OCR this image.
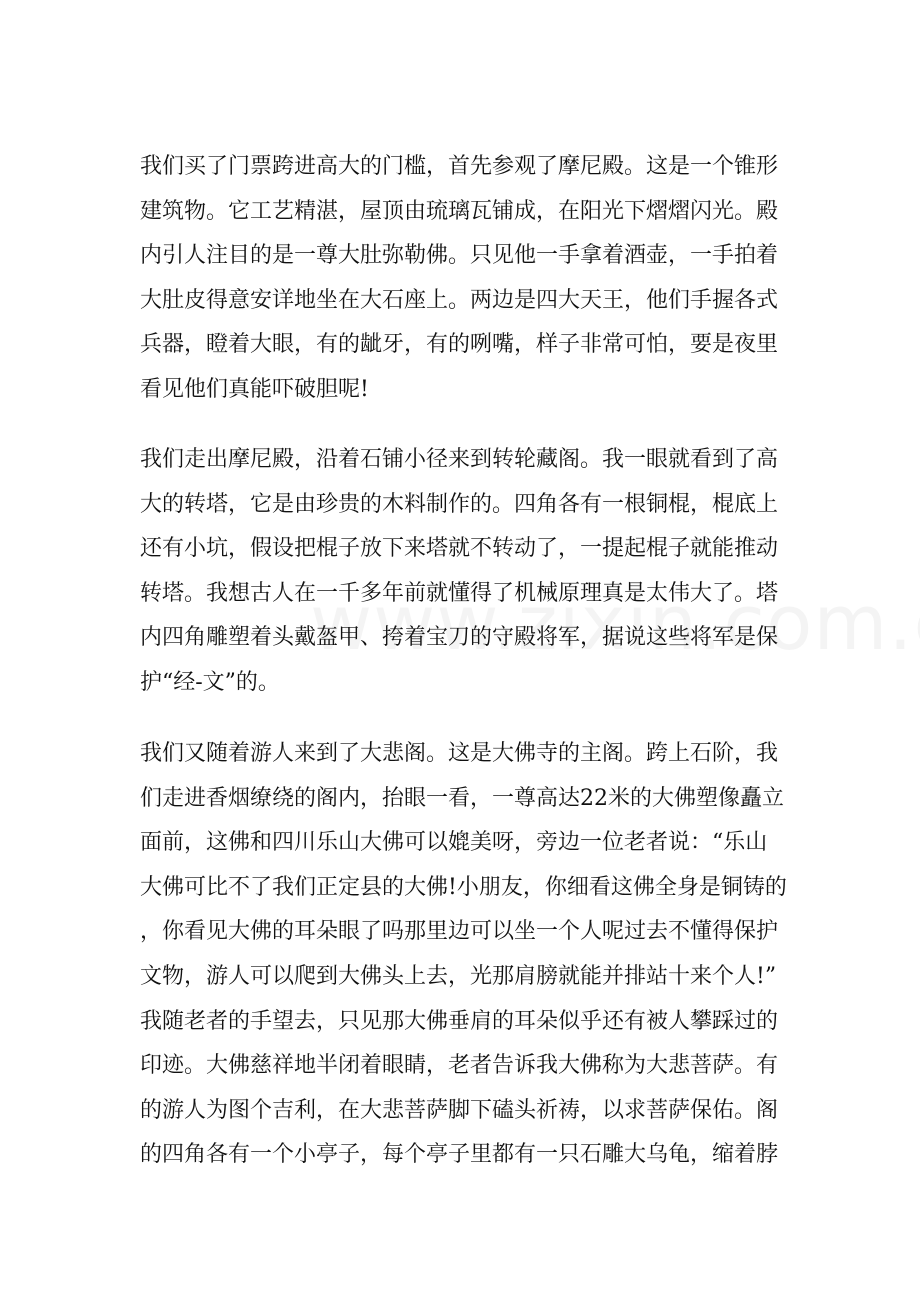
我们买了门票跨进高大的门槛，首先参观了摩尼殿。这是一个锥形
建筑物。它工艺精湛，屋顶由琉璃瓦铺成，在阳光下熠熠闪光。殿
内引人注目的是一尊大肚弥勒佛。只见他一手拿着酒壶，一手拍着
大肚皮得意安详地坐在大石座上。两边是四大天王，他们手握各式
兵器，瞪着大眼，有的龇牙，有的咧嘴，样子非常可怕，要是夜里
看见他们真能吓破胆呢!
我们走出摩尼殿，沿着石铺小径来到转轮藏阁。我一眼就看到了高
大的转塔，它是由珍贵的木料制作的。四角各有一根铜棍，棍底上
还有小坑，假设把棍子放下来塔就不转动了，一提起棍子就能推动
转塔。我想古人在一千多年前就懂得了机械原理真是太伟大了。塔
内四角雕塑着头戴盔甲、挎着宝刀的守殿将军，据说这些将军是保
护“经-文”的。
我们又随着游人来到了大悲阁。这是大佛寺的主阁。跨上石阶，我
们走进香烟缭绕的阁内，抬眼一看，一尊高达22米的大佛塑像矗立
面前，这佛和四川乐山大佛可以媲美呀，旁边一位老者说：“乐山
大佛可比不了我们正定县的大佛!小朋友，你细看这佛全身是铜铸的
，你看见大佛的耳朵眼了吗那里边可以坐一个人呢过去不懂得保护
文物，游人可以爬到大佛头上去，光那肩膀就能并排站十来个人!”
我随老者的手望去，只见那大佛垂肩的耳朵似乎还有被人攀踩过的
印迹。大佛慈祥地半闭着眼睛，老者告诉我大佛称为大悲菩萨。有
的游人为图个吉利，在大悲菩萨脚下磕头祈祷，以求菩萨保佑。阁
的四角各有一个小亭子，每个亭子里都有一只石雕大乌龟，缩着脖
